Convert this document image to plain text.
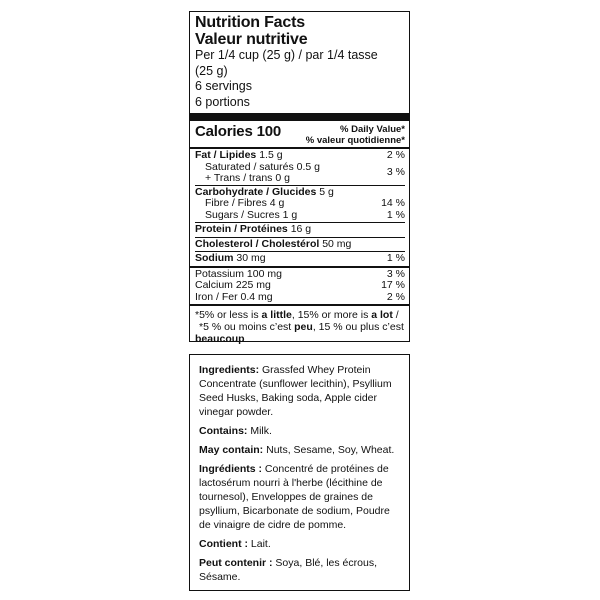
Nutrition Facts
Valeur nutritive
Per 1/4 cup (25 g) / par 1/4 tasse
(25 g)
6 servings
6 portions
Calories 100	% Daily Value*
% valeur quotidienne*
Fat / Lipides 1.5 g	2 %
Saturated / saturés 0.5 g
+ Trans / trans 0 g	3 %
Carbohydrate / Glucides 5 g
Fibre / Fibres 4 g	14 %
Sugars / Sucres 1 g	1 %
Protein / Protéines 16 g
Cholesterol / Cholestérol 50 mg
Sodium 30 mg	1 %
Potassium 100 mg	3 %
Calcium 225 mg	17 %
Iron / Fer 0.4 mg	2 %
*5% or less is a little, 15% or more is a lot /
*5 % ou moins c’est peu, 15 % ou plus c’est
beaucoup

Ingredients: Grassfed Whey Protein Concentrate (sunflower lecithin), Psyllium Seed Husks, Baking soda, Apple cider vinegar powder.

Contains: Milk.

May contain: Nuts, Sesame, Soy, Wheat.

Ingrédients : Concentré de protéines de lactosérum nourri à l'herbe (lécithine de tournesol), Enveloppes de graines de psyllium, Bicarbonate de sodium, Poudre de vinaigre de cidre de pomme.

Contient : Lait.

Peut contenir : Soya, Blé, les écrous, Sésame.
